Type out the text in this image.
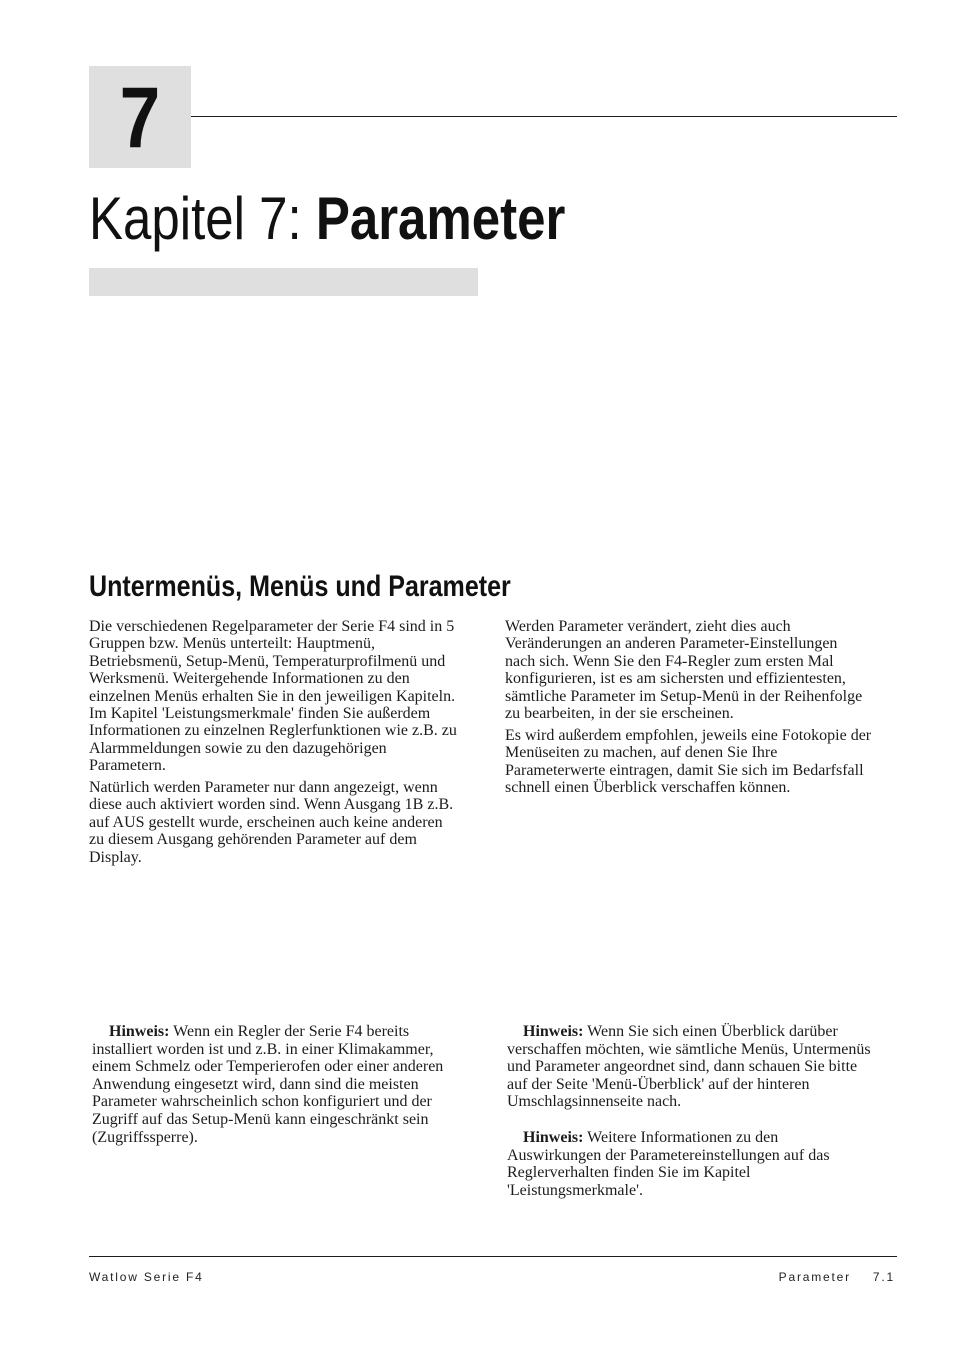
7
Kapitel 7: Parameter
Untermenüs, Menüs und Parameter
Die verschiedenen Regelparameter der Serie F4 sind in 5
Gruppen bzw. Menüs unterteilt: Hauptmenü,
Betriebsmenü, Setup-Menü, Temperaturprofilmenü und
Werksmenü. Weitergehende Informationen zu den
einzelnen Menüs erhalten Sie in den jeweiligen Kapiteln.
Im Kapitel 'Leistungsmerkmale' finden Sie außerdem
Informationen zu einzelnen Reglerfunktionen wie z.B. zu
Alarmmeldungen sowie zu den dazugehörigen
Parametern.
Natürlich werden Parameter nur dann angezeigt, wenn
diese auch aktiviert worden sind. Wenn Ausgang 1B z.B.
auf AUS gestellt wurde, erscheinen auch keine anderen
zu diesem Ausgang gehörenden Parameter auf dem
Display.
Werden Parameter verändert, zieht dies auch
Veränderungen an anderen Parameter-Einstellungen
nach sich. Wenn Sie den F4-Regler zum ersten Mal
konfigurieren, ist es am sichersten und effizientesten,
sämtliche Parameter im Setup-Menü in der Reihenfolge
zu bearbeiten, in der sie erscheinen.
Es wird außerdem empfohlen, jeweils eine Fotokopie der
Menüseiten zu machen, auf denen Sie Ihre
Parameterwerte eintragen, damit Sie sich im Bedarfsfall
schnell einen Überblick verschaffen können.
Hinweis: Wenn ein Regler der Serie F4 bereits
installiert worden ist und z.B. in einer Klimakammer,
einem Schmelz oder Temperierofen oder einer anderen
Anwendung eingesetzt wird, dann sind die meisten
Parameter wahrscheinlich schon konfiguriert und der
Zugriff auf das Setup-Menü kann eingeschränkt sein
(Zugriffssperre).
Hinweis: Wenn Sie sich einen Überblick darüber
verschaffen möchten, wie sämtliche Menüs, Untermenüs
und Parameter angeordnet sind, dann schauen Sie bitte
auf der Seite 'Menü-Überblick' auf der hinteren
Umschlagsinnenseite nach.
Hinweis: Weitere Informationen zu den
Auswirkungen der Parametereinstellungen auf das
Reglerverhalten finden Sie im Kapitel
'Leistungsmerkmale'.
Watlow Serie F4	Parameter 7.1
